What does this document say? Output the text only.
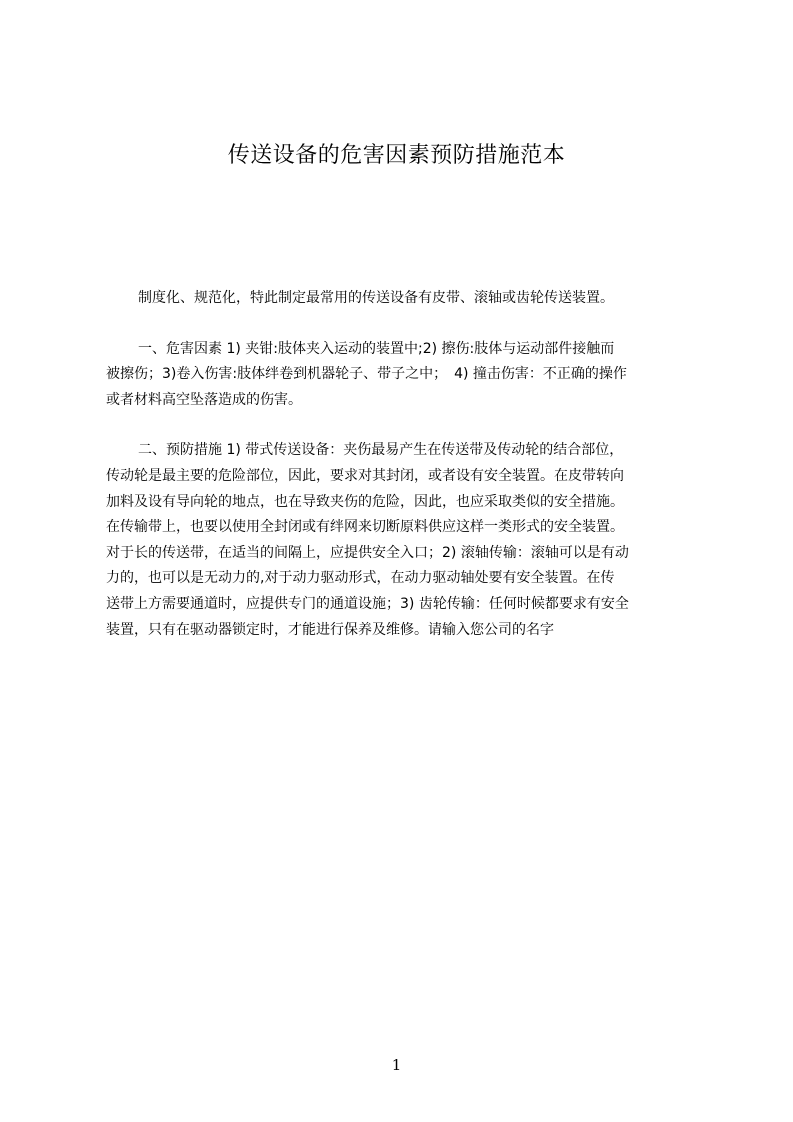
传送设备的危害因素预防措施范本

制度化、规范化，特此制定最常用的传送设备有皮带、滚轴或齿轮传送装置。

一、危害因素 1) 夹钳:肢体夹入运动的装置中;2) 擦伤:肢体与运动部件接触而

被擦伤；3)卷入伤害:肢体绊卷到机器轮子、带子之中；　4) 撞击伤害：不正确的操作

或者材料高空坠落造成的伤害。

二、预防措施 1) 带式传送设备：夹伤最易产生在传送带及传动轮的结合部位，

传动轮是最主要的危险部位，因此，要求对其封闭，或者设有安全装置。在皮带转向

加料及设有导向轮的地点，也在导致夹伤的危险，因此，也应采取类似的安全措施。

在传输带上，也要以使用全封闭或有绊网来切断原料供应这样一类形式的安全装置。

对于长的传送带，在适当的间隔上，应提供安全入口；2) 滚轴传输：滚轴可以是有动

力的，也可以是无动力的,对于动力驱动形式，在动力驱动轴处要有安全装置。在传

送带上方需要通道时，应提供专门的通道设施；3) 齿轮传输：任何时候都要求有安全

装置，只有在驱动器锁定时，才能进行保养及维修。请输入您公司的名字

1
